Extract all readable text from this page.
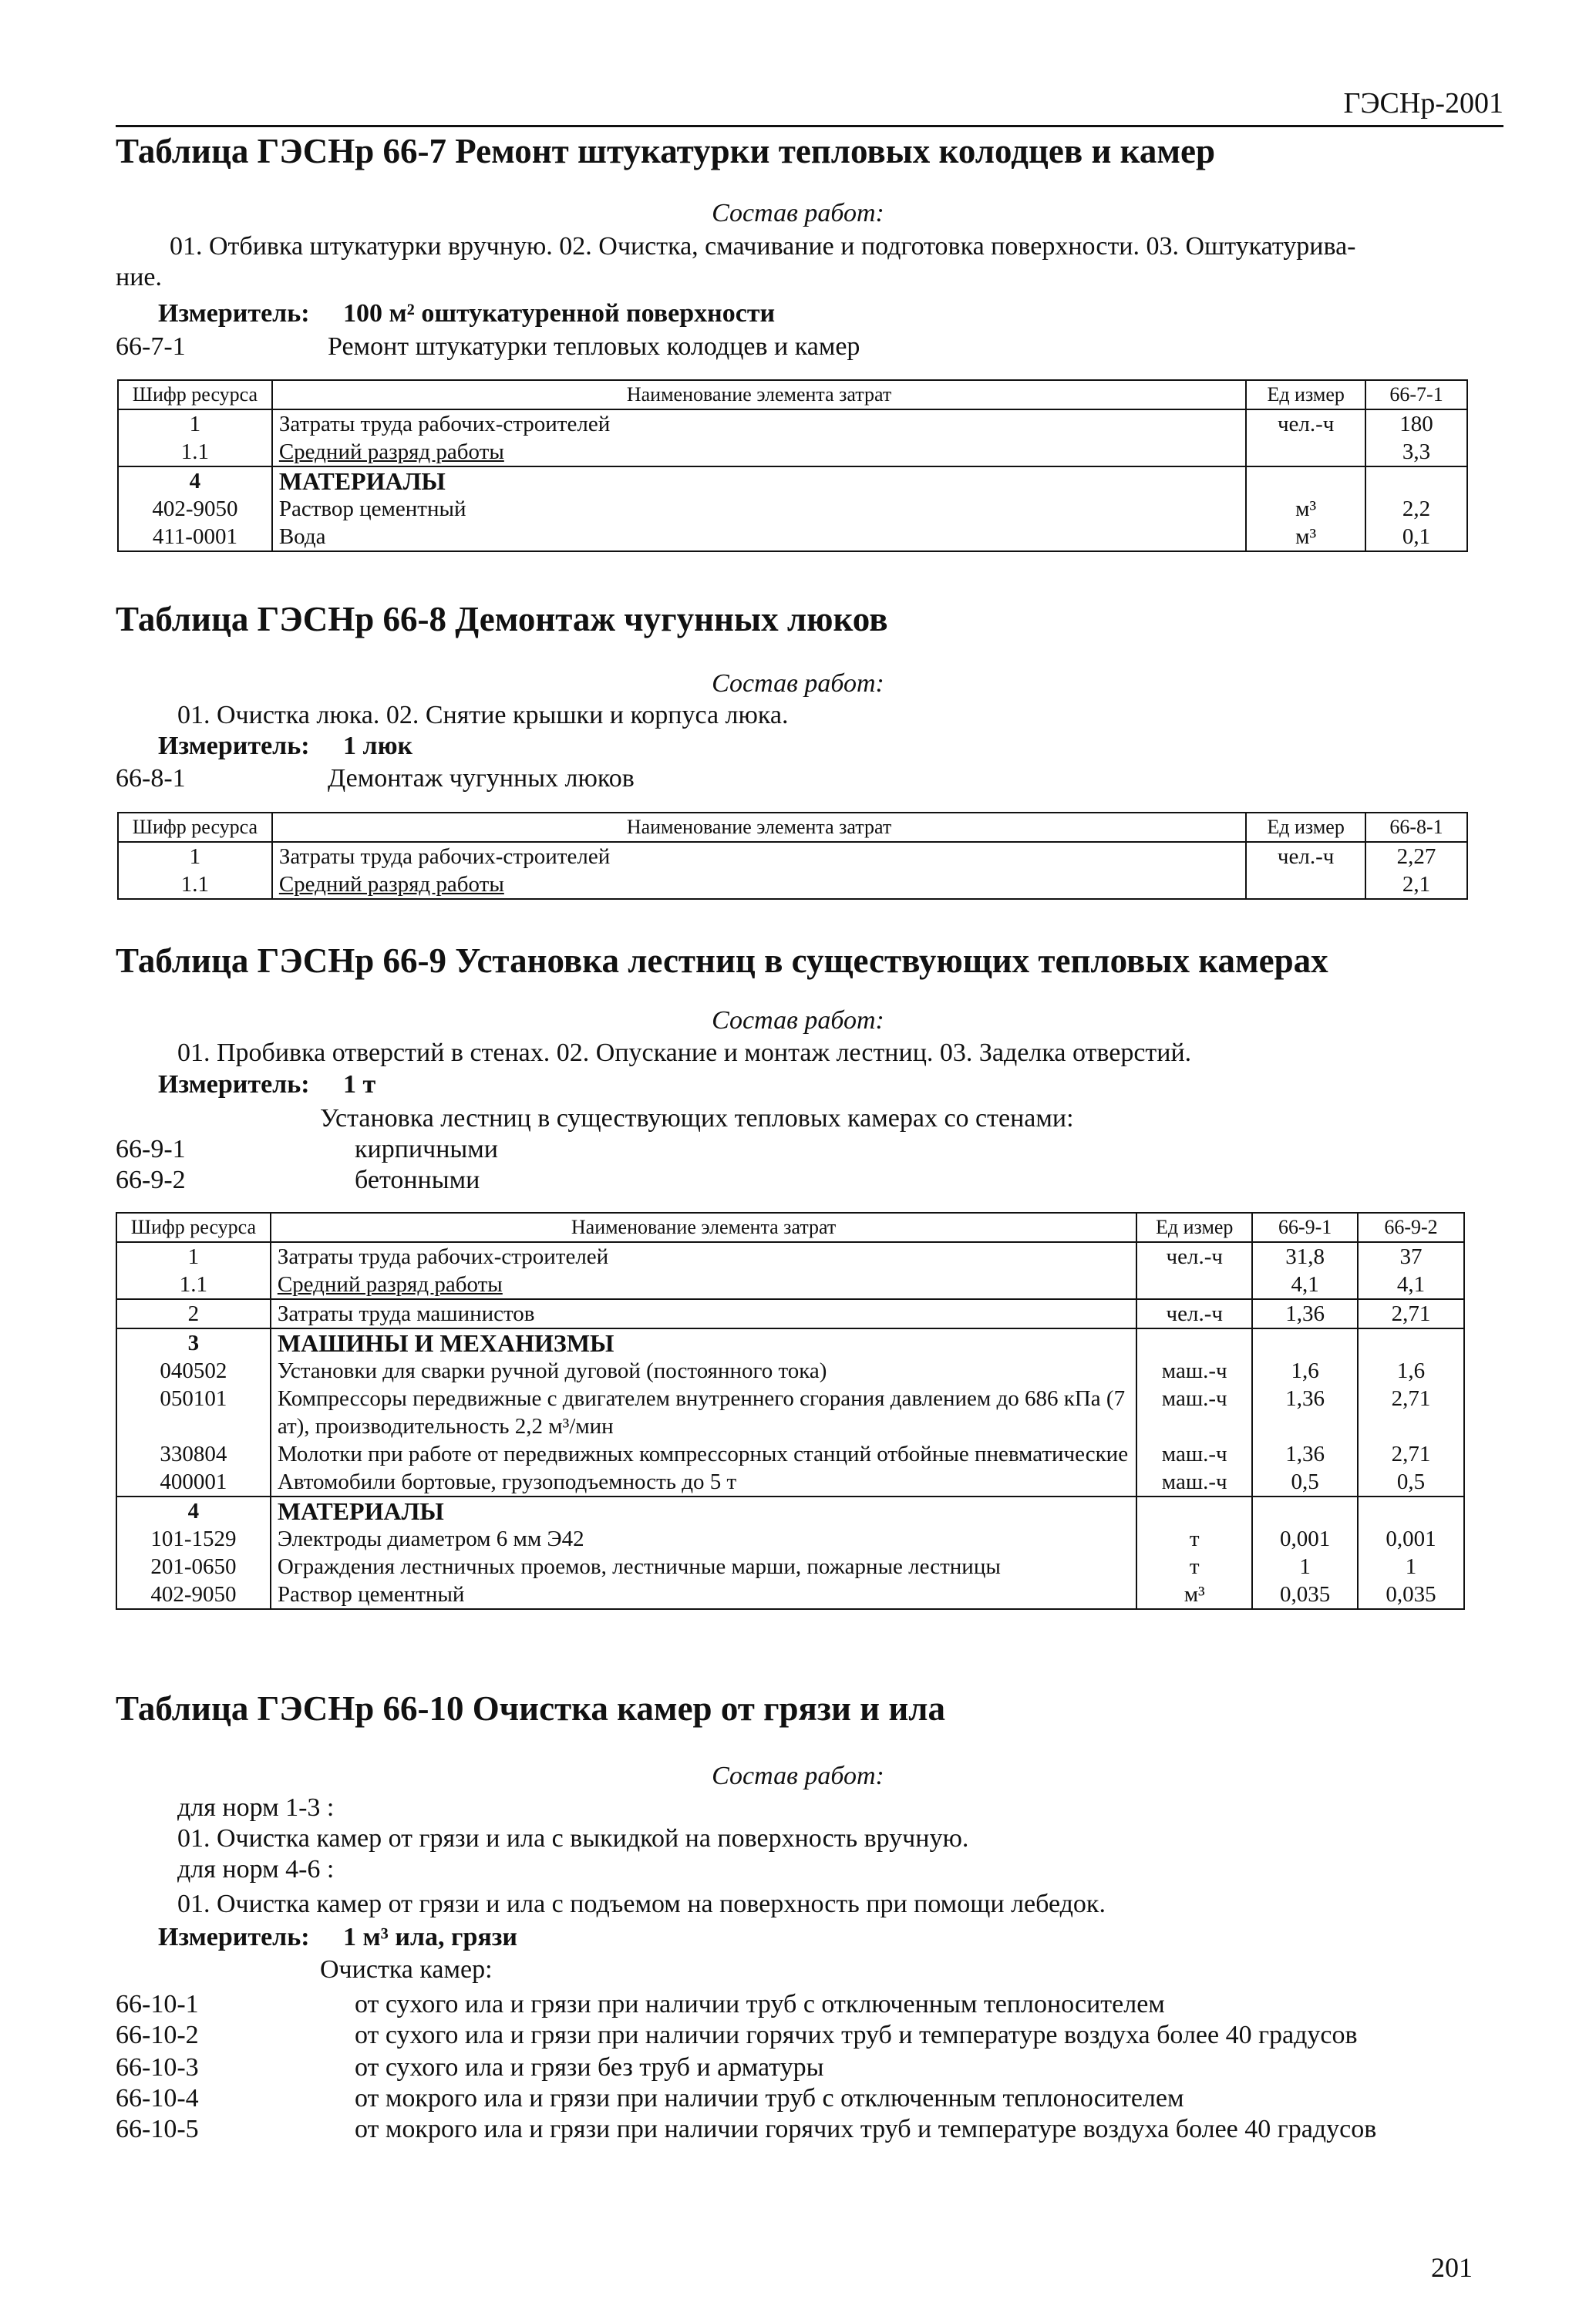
ГЭСНр-2001
Таблица ГЭСНр 66-7 Ремонт штукатурки тепловых колодцев и камер
Состав работ:
01. Отбивка штукатурки вручную. 02. Очистка, смачивание и подготовка поверхности. 03. Оштукатурива-
ние.
Измеритель: 100 м² оштукатуренной поверхности
66-7-1	Ремонт штукатурки тепловых колодцев и камер
Шифр ресурса	Наименование элемента затрат	Ед измер	66-7-1
1	Затраты труда рабочих-строителей	чел.-ч	180
1.1	Средний разряд работы		3,3
4	МАТЕРИАЛЫ		
402-9050	Раствор цементный	м³	2,2
411-0001	Вода	м³	0,1
Таблица ГЭСНр 66-8 Демонтаж чугунных люков
Состав работ:
01. Очистка люка. 02. Снятие крышки и корпуса люка.
Измеритель: 1 люк
66-8-1	Демонтаж чугунных люков
Шифр ресурса	Наименование элемента затрат	Ед измер	66-8-1
1	Затраты труда рабочих-строителей	чел.-ч	2,27
1.1	Средний разряд работы		2,1
Таблица ГЭСНр 66-9 Установка лестниц в существующих тепловых камерах
Состав работ:
01. Пробивка отверстий в стенах. 02. Опускание и монтаж лестниц. 03. Заделка отверстий.
Измеритель: 1 т
Установка лестниц в существующих тепловых камерах со стенами:
66-9-1	кирпичными
66-9-2	бетонными
Шифр ресурса	Наименование элемента затрат	Ед измер	66-9-1	66-9-2
1	Затраты труда рабочих-строителей	чел.-ч	31,8	37
1.1	Средний разряд работы		4,1	4,1
2	Затраты труда машинистов	чел.-ч	1,36	2,71
3	МАШИНЫ И МЕХАНИЗМЫ			
040502	Установки для сварки ручной дуговой (постоянного тока)	маш.-ч	1,6	1,6
050101	Компрессоры передвижные с двигателем внутреннего сгорания давлением до 686 кПа (7 ат), производительность 2,2 м³/мин	маш.-ч	1,36	2,71
330804	Молотки при работе от передвижных компрессорных станций отбойные пневматические	маш.-ч	1,36	2,71
400001	Автомобили бортовые, грузоподъемность до 5 т	маш.-ч	0,5	0,5
4	МАТЕРИАЛЫ			
101-1529	Электроды диаметром 6 мм Э42	т	0,001	0,001
201-0650	Ограждения лестничных проемов, лестничные марши, пожарные лестницы	т	1	1
402-9050	Раствор цементный	м³	0,035	0,035
Таблица ГЭСНр 66-10 Очистка камер от грязи и ила
Состав работ:
для норм 1-3 :
01. Очистка камер от грязи и ила с выкидкой на поверхность вручную.
для норм 4-6 :
01. Очистка камер от грязи и ила с подъемом на поверхность при помощи лебедок.
Измеритель: 1 м³ ила, грязи
Очистка камер:
66-10-1	от сухого ила и грязи при наличии труб с отключенным теплоносителем
66-10-2	от сухого ила и грязи при наличии горячих труб и температуре воздуха более 40 градусов
66-10-3	от сухого ила и грязи без труб и арматуры
66-10-4	от мокрого ила и грязи при наличии труб с отключенным теплоносителем
66-10-5	от мокрого ила и грязи при наличии горячих труб и температуре воздуха более 40 градусов
201
